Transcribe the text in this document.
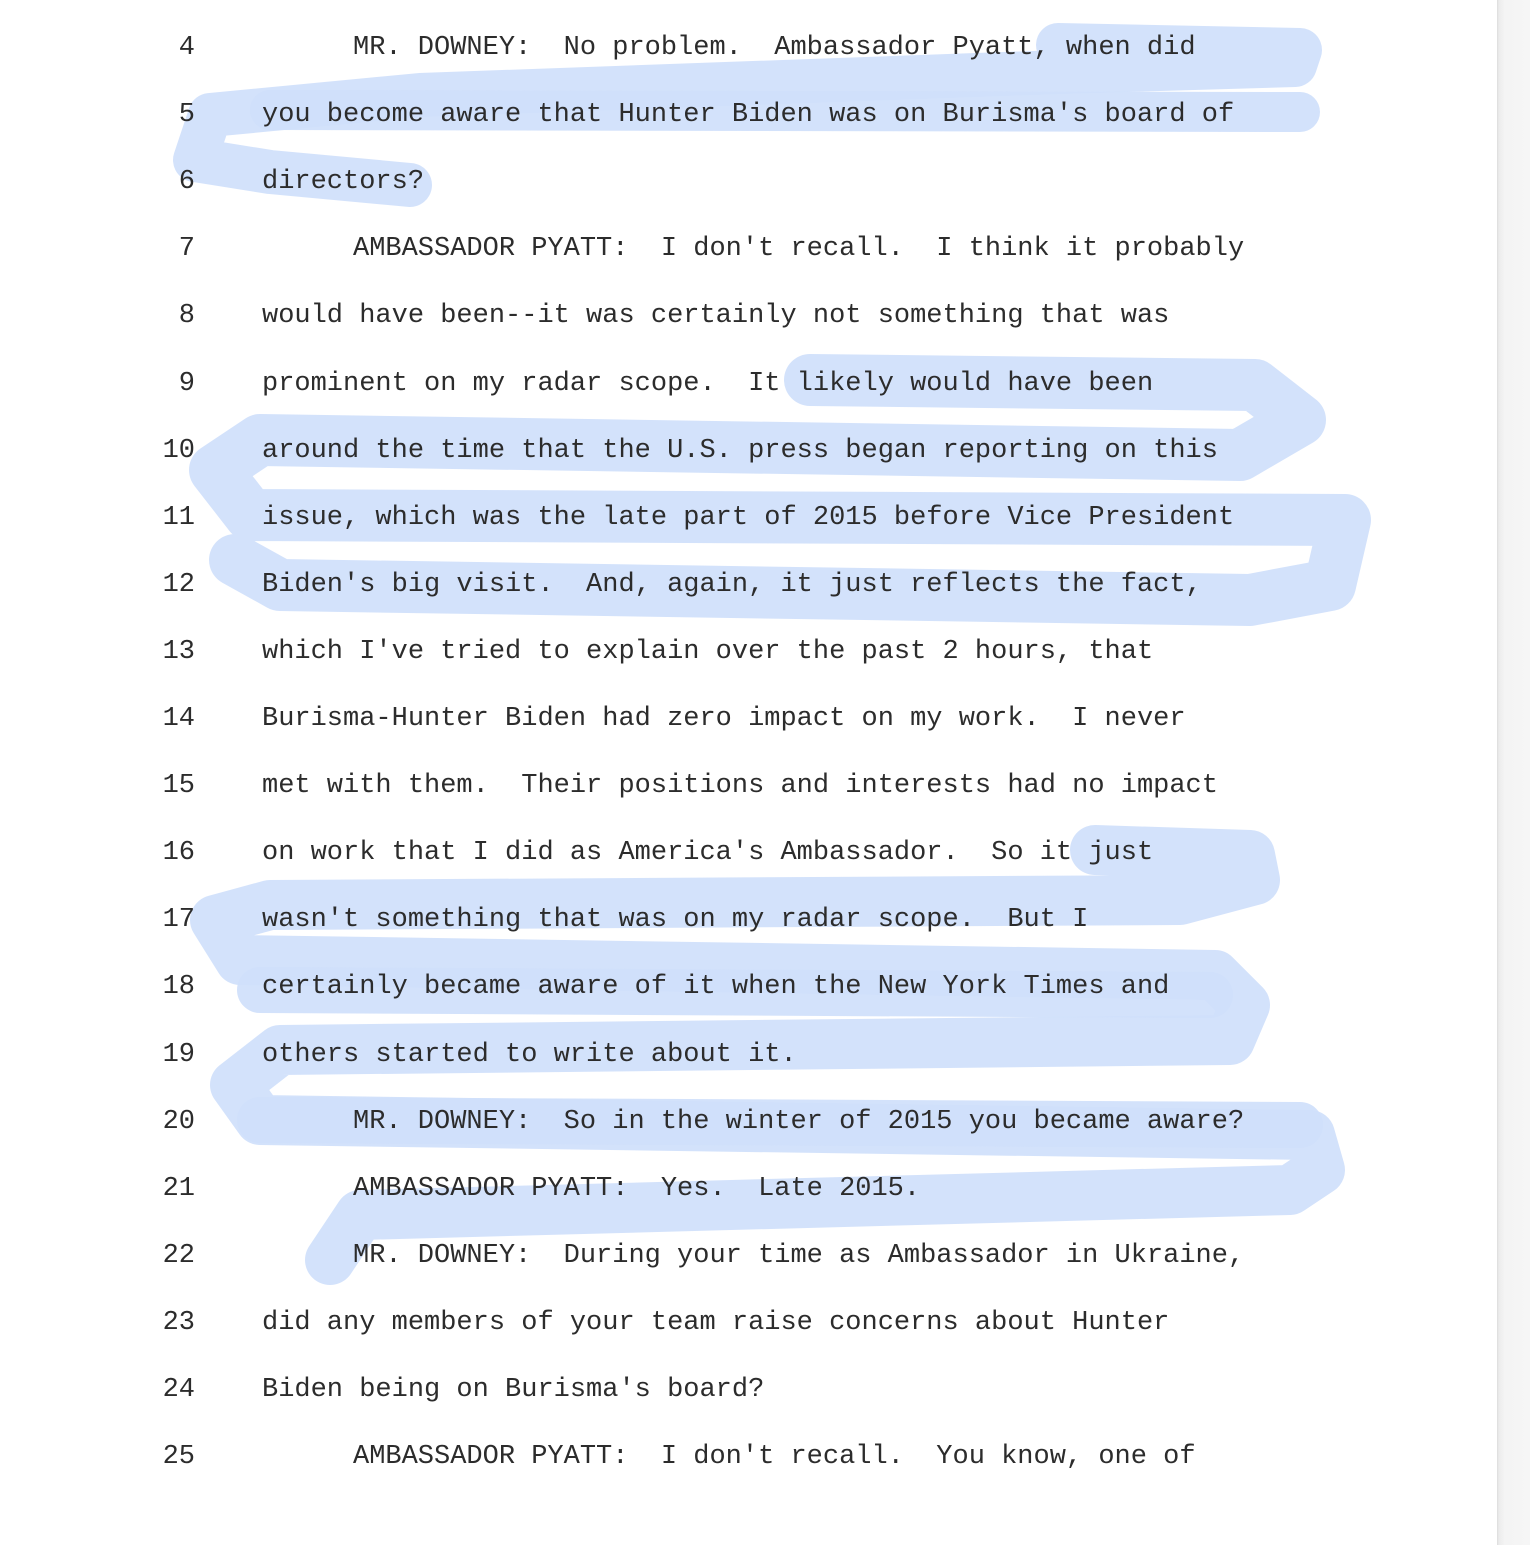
4	MR. DOWNEY:  No problem.  Ambassador Pyatt, when did
5 you become aware that Hunter Biden was on Burisma's board of
6 directors?
7	AMBASSADOR PYATT:  I don't recall.  I think it probably
8 would have been--it was certainly not something that was
9 prominent on my radar scope.  It likely would have been
10 around the time that the U.S. press began reporting on this
11 issue, which was the late part of 2015 before Vice President
12 Biden's big visit.  And, again, it just reflects the fact,
13 which I've tried to explain over the past 2 hours, that
14 Burisma-Hunter Biden had zero impact on my work.  I never
15 met with them.  Their positions and interests had no impact
16 on work that I did as America's Ambassador.  So it just
17 wasn't something that was on my radar scope.  But I
18 certainly became aware of it when the New York Times and
19 others started to write about it.
20	MR. DOWNEY:  So in the winter of 2015 you became aware?
21	AMBASSADOR PYATT:  Yes.  Late 2015.
22	MR. DOWNEY:  During your time as Ambassador in Ukraine,
23 did any members of your team raise concerns about Hunter
24 Biden being on Burisma's board?
25	AMBASSADOR PYATT:  I don't recall.  You know, one of
